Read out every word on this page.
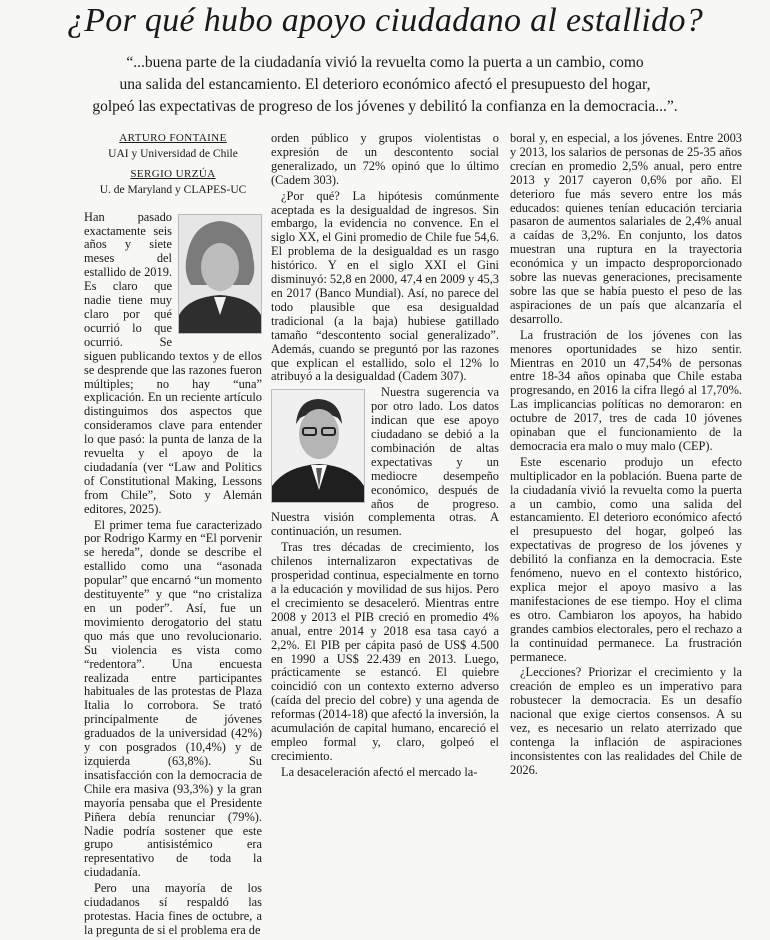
¿Por qué hubo apoyo ciudadano al estallido?
“...buena parte de la ciudadanía vivió la revuelta como la puerta a un cambio, como
una salida del estancamiento. El deterioro económico afectó el presupuesto del hogar,
golpeó las expectativas de progreso de los jóvenes y debilitó la confianza en la democracia...”.

ARTURO FONTAINE

UAI y Universidad de Chile

SERGIO URZÚA

U. de Maryland y CLAPES-UC

Han pasado exactamente seis años y siete meses del estallido de 2019. Es claro que nadie tiene muy claro por qué ocurrió lo que ocurrió. Se siguen publicando textos y de ellos se desprende que las razones fueron múltiples; no hay “una” explicación. En un reciente artículo distinguimos dos aspectos que consideramos clave para entender lo que pasó: la punta de lanza de la revuelta y el apoyo de la ciudadanía (ver “Law and Politics of Constitutional Making, Lessons from Chile”, Soto y Alemán editores, 2025).

El primer tema fue caracterizado por Rodrigo Karmy en “El porvenir se hereda”, donde se describe el estallido como una “asonada popular” que encarnó “un momento destituyente” y que “no cristaliza en un poder”. Así, fue un movimiento derogatorio del statu quo más que uno revolucionario. Su violencia es vista como “redentora”. Una encuesta realizada entre participantes habituales de las protestas de Plaza Italia lo corrobora. Se trató principalmente de jóvenes graduados de la universidad (42%) y con posgrados (10,4%) y de izquierda (63,8%). Su insatisfacción con la democracia de Chile era masiva (93,3%) y la gran mayoría pensaba que el Presidente Piñera debía renunciar (79%). Nadie podría sostener que este grupo antisistémico era representativo de toda la ciudadanía.

Pero una mayoría de los ciudadanos sí respaldó las protestas. Hacia fines de octubre, a la pregunta de si el problema era de

orden público y grupos violentistas o expresión de un descontento social generalizado, un 72% opinó que lo último (Cadem 303).

¿Por qué? La hipótesis comúnmente aceptada es la desigualdad de ingresos. Sin embargo, la evidencia no convence. En el siglo XX, el Gini promedio de Chile fue 54,6. El problema de la desigualdad es un rasgo histórico. Y en el siglo XXI el Gini disminuyó: 52,8 en 2000, 47,4 en 2009 y 45,3 en 2017 (Banco Mundial). Así, no parece del todo plausible que esa desigualdad tradicional (a la baja) hubiese gatillado tamaño “descontento social generalizado”. Además, cuando se preguntó por las razones que explican el estallido, solo el 12% lo atribuyó a la desigualdad (Cadem 307).

Nuestra sugerencia va por otro lado. Los datos indican que ese apoyo ciudadano se debió a la combinación de altas expectativas y un mediocre desempeño económico, después de años de progreso. Nuestra visión complementa otras. A continuación, un resumen.

Tras tres décadas de crecimiento, los chilenos internalizaron expectativas de prosperidad continua, especialmente en torno a la educación y movilidad de sus hijos. Pero el crecimiento se desaceleró. Mientras entre 2008 y 2013 el PIB creció en promedio 4% anual, entre 2014 y 2018 esa tasa cayó a 2,2%. El PIB per cápita pasó de US$ 4.500 en 1990 a US$ 22.439 en 2013. Luego, prácticamente se estancó. El quiebre coincidió con un contexto externo adverso (caída del precio del cobre) y una agenda de reformas (2014-18) que afectó la inversión, la acumulación de capital humano, encareció el empleo formal y, claro, golpeó el crecimiento.

La desaceleración afectó el mercado la-

boral y, en especial, a los jóvenes. Entre 2003 y 2013, los salarios de personas de 25-35 años crecían en promedio 2,5% anual, pero entre 2013 y 2017 cayeron 0,6% por año. El deterioro fue más severo entre los más educados: quienes tenían educación terciaria pasaron de aumentos salariales de 2,4% anual a caídas de 3,2%. En conjunto, los datos muestran una ruptura en la trayectoria económica y un impacto desproporcionado sobre las nuevas generaciones, precisamente sobre las que se había puesto el peso de las aspiraciones de un país que alcanzaría el desarrollo.

La frustración de los jóvenes con las menores oportunidades se hizo sentir. Mientras en 2010 un 47,54% de personas entre 18-34 años opinaba que Chile estaba progresando, en 2016 la cifra llegó al 17,70%. Las implicancias políticas no demoraron: en octubre de 2017, tres de cada 10 jóvenes opinaban que el funcionamiento de la democracia era malo o muy malo (CEP).

Este escenario produjo un efecto multiplicador en la población. Buena parte de la ciudadanía vivió la revuelta como la puerta a un cambio, como una salida del estancamiento. El deterioro económico afectó el presupuesto del hogar, golpeó las expectativas de progreso de los jóvenes y debilitó la confianza en la democracia. Este fenómeno, nuevo en el contexto histórico, explica mejor el apoyo masivo a las manifestaciones de ese tiempo. Hoy el clima es otro. Cambiaron los apoyos, ha habido grandes cambios electorales, pero el rechazo a la continuidad permanece. La frustración permanece.

¿Lecciones? Priorizar el crecimiento y la creación de empleo es un imperativo para robustecer la democracia. Es un desafío nacional que exige ciertos consensos. A su vez, es necesario un relato aterrizado que contenga la inflación de aspiraciones inconsistentes con las realidades del Chile de 2026.
